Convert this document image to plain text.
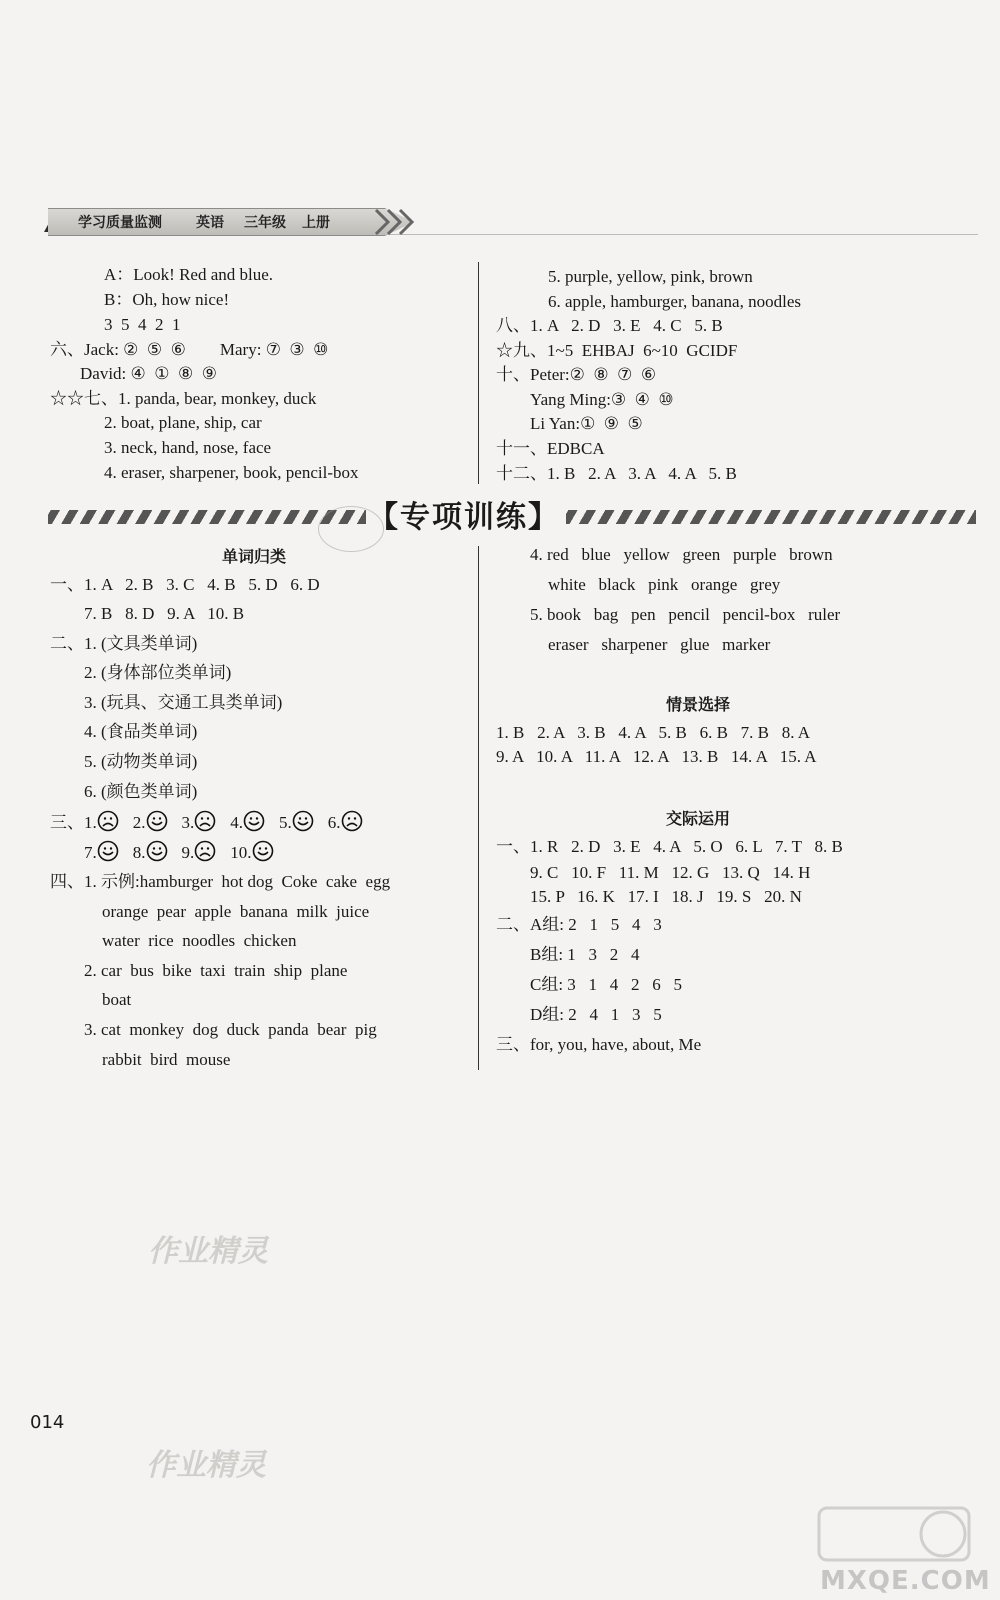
学习质量监测 英语 三年级 上册
A：Look! Red and blue.
B：Oh, how nice!
3  5  4  2  1
六、Jack: ②  ⑤  ⑥        Mary: ⑦  ③  ⑩
David: ④  ①  ⑧  ⑨
☆☆七、1. panda, bear, monkey, duck
2. boat, plane, ship, car
3. neck, hand, nose, face
4. eraser, sharpener, book, pencil-box
5. purple, yellow, pink, brown
6. apple, hamburger, banana, noodles
八、1. A   2. D   3. E   4. C   5. B
☆九、1~5  EHBAJ  6~10  GCIDF
十、Peter:②  ⑧  ⑦  ⑥
Yang Ming:③  ④  ⑩
Li Yan:①  ⑨  ⑤
十一、EDBCA
十二、1. B   2. A   3. A   4. A   5. B
【专项训练】
单词归类
一、1. A   2. B   3. C   4. B   5. D   6. D
7. B   8. D   9. A   10. B
二、1. (文具类单词)
2. (身体部位类单词)
3. (玩具、交通工具类单词)
4. (食品类单词)
5. (动物类单词)
6. (颜色类单词)
三、 1. 2. 3. 4. 5. 6.
7. 8. 9. 10.
四、1. 示例:hamburger  hot dog  Coke  cake  egg
orange  pear  apple  banana  milk  juice
water  rice  noodles  chicken
2. car  bus  bike  taxi  train  ship  plane
boat
3. cat  monkey  dog  duck  panda  bear  pig
rabbit  bird  mouse
4. red   blue   yellow   green   purple   brown
white   black   pink   orange   grey
5. book   bag   pen   pencil   pencil-box   ruler
eraser   sharpener   glue   marker
情景选择
1. B   2. A   3. B   4. A   5. B   6. B   7. B   8. A
9. A   10. A   11. A   12. A   13. B   14. A   15. A
交际运用
一、1. R   2. D   3. E   4. A   5. O   6. L   7. T   8. B
9. C   10. F   11. M   12. G   13. Q   14. H
15. P   16. K   17. I   18. J   19. S   20. N
二、A组: 2   1   5   4   3
B组: 1   3   2   4
C组: 3   1   4   2   6   5
D组: 2   4   1   3   5
三、for, you, have, about, Me
作业精灵
作业精灵
014
MXQE.COM
